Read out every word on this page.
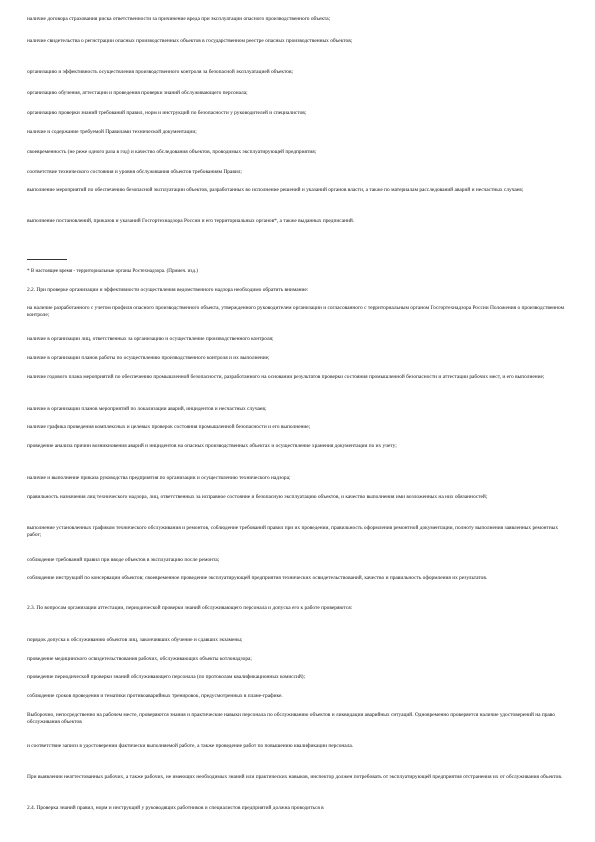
наличие договора страхования риска ответственности за причинение вреда при эксплуатации опасного производственного объекта;

наличие свидетельства о регистрации опасных производственных объектов в государственном реестре опасных производственных объектов;

организацию и эффективность осуществления производственного контроля за безопасной эксплуатацией объектов;

организацию обучения, аттестации и проведения проверки знаний обслуживающего персонала;

организацию проверки знаний требований правил, норм и инструкций по безопасности у руководителей и специалистов;

наличие и содержание требуемой Правилами технической документации;

своевременность (не реже одного раза в год) и качество обследования объектов, проводимых эксплуатирующей предприятия;

соответствие технического состояния и уровня обслуживания объектов требованиям Правил;

выполнение мероприятий по обеспечению безопасной эксплуатации объектов, разработанных во исполнение решений и указаний органов власти, а также по материалам расследований аварий и несчастных случаев;

выполнение постановлений, приказов и указаний Госгортехнадзора России и его территориальных органов*, а также выданных предписаний.

* В настоящее время - территориальные органы Ростехнадзора. (Примеч. изд.)

2.2. При проверке организации и эффективности осуществления ведомственного надзора необходимо обратить внимание:

на наличие разработанного с учетом профиля опасного производственного объекта, утвержденного руководителем организации и согласованного с территориальным органом Госгортехнадзора России Положения о производственном контроле;

наличие в организации лиц, ответственных за организацию и осуществление производственного контроля;

наличие в организации планов работы по осуществлению производственного контроля и их выполнение;

наличие годового плана мероприятий по обеспечению промышленной безопасности, разработанного на основании результатов проверки состояния промышленной безопасности и аттестации рабочих мест, и его выполнение;

наличие в организации планов мероприятий по локализации аварий, инцидентов и несчастных случаев;

наличие графика проведения комплексных и целевых проверок состояния промышленной безопасности и его выполнение;

проведение анализа причин возникновения аварий и инцидентов на опасных производственных объектах и осуществление хранения документации по их учету;

наличие и выполнение приказа руководства предприятия по организации и осуществлению технического надзора;

правильность назначения лиц технического надзора, лиц, ответственных за исправное состояние и безопасную эксплуатацию объектов, и качество выполнения ими возложенных на них обязанностей;

выполнение установленных графиком технического обслуживания и ремонтов, соблюдение требований правил при их проведении, правильность оформления ремонтной документации, полноту выполнения заявленных ремонтных работ;

соблюдение требований правил при вводе объектов в эксплуатацию после ремонта;

соблюдение инструкций по консервации объектов; своевременное проведение эксплуатирующей предприятия технических освидетельствований, качество и правильность оформления их результатов.

2.3. По вопросам организации аттестации, периодической проверки знаний обслуживающего персонала и допуска его к работе проверяются:

порядок допуска к обслуживанию объектов лиц, закончивших обучение и сдавших экзамены;

проведение медицинского освидетельствования рабочих, обслуживающих объекты котлонадзора;

проведение периодической проверки знаний обслуживающего персонала (по протоколам квалификационных комиссий);

соблюдение сроков проведения и тематики противоаварийных тренировок, предусмотренных в плане-графике.

Выборочно, непосредственно на рабочем месте, проверяются знания и практические навыки персонала по обслуживанию объектов и ликвидации аварийных ситуаций. Одновременно проверяется наличие удостоверений на право обслуживания объектов

и соответствие записи в удостоверении фактически выполняемой работе, а также проведение работ по повышению квалификации персонала.

При выявлении неаттестованных рабочих, а также рабочих, не имеющих необходимых знаний или практических навыков, инспектор должен потребовать от эксплуатирующей предприятия отстранения их от обслуживания объектов.

2.4. Проверка знаний правил, норм и инструкций у руководящих работников и специалистов предприятий должна проводиться в
